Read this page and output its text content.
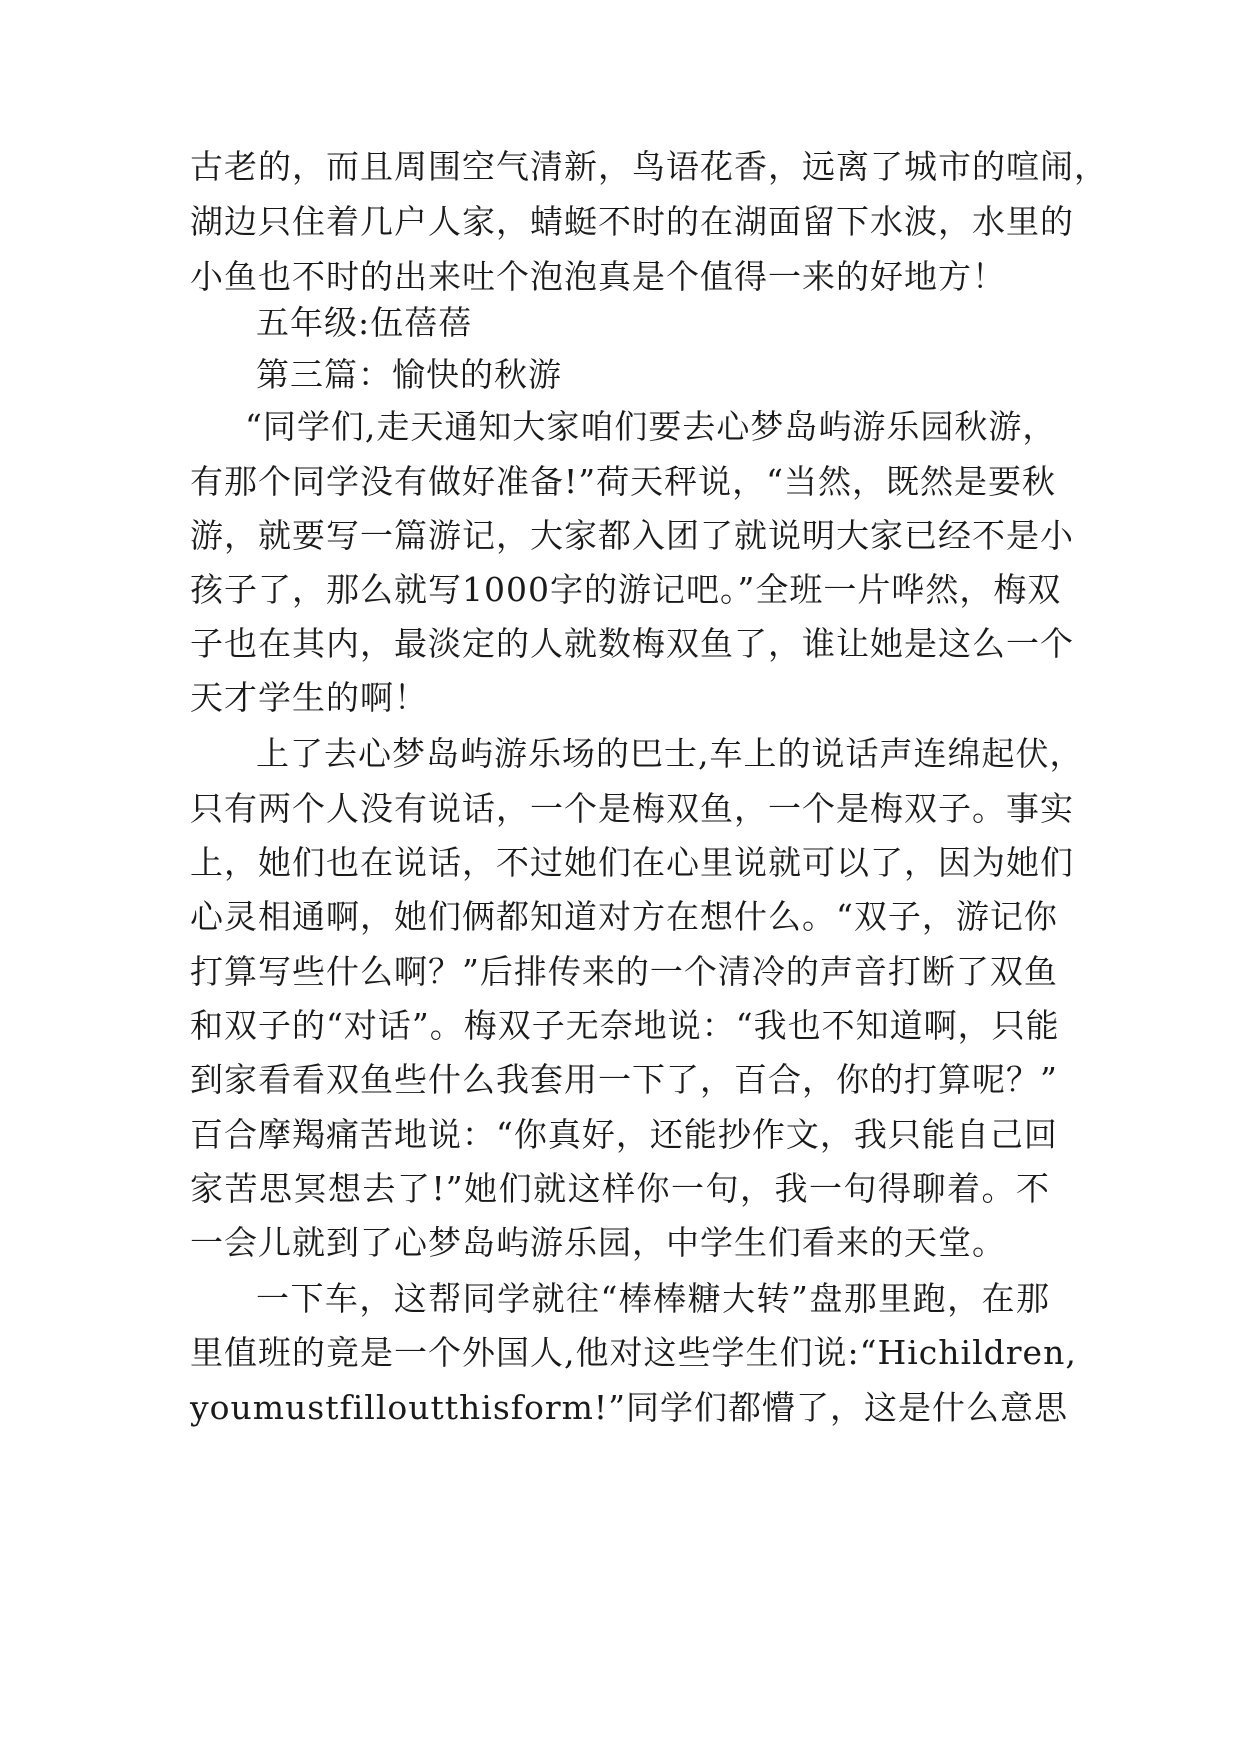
古老的，而且周围空气清新，鸟语花香，远离了城市的喧闹，
湖边只住着几户人家，蜻蜓不时的在湖面留下水波，水里的
小鱼也不时的出来吐个泡泡真是个值得一来的好地方！
五年级:伍蓓蓓
第三篇：愉快的秋游
“同学们,走天通知大家咱们要去心梦岛屿游乐园秋游，
有那个同学没有做好准备!”荷天秤说，“当然，既然是要秋
游，就要写一篇游记，大家都入团了就说明大家已经不是小
孩子了，那么就写1000字的游记吧。”全班一片哗然，梅双
子也在其内，最淡定的人就数梅双鱼了，谁让她是这么一个
天才学生的啊！
上了去心梦岛屿游乐场的巴士,车上的说话声连绵起伏，
只有两个人没有说话，一个是梅双鱼，一个是梅双子。事实
上，她们也在说话，不过她们在心里说就可以了，因为她们
心灵相通啊，她们俩都知道对方在想什么。“双子，游记你
打算写些什么啊？”后排传来的一个清冷的声音打断了双鱼
和双子的“对话”。梅双子无奈地说：“我也不知道啊，只能
到家看看双鱼些什么我套用一下了，百合，你的打算呢？”
百合摩羯痛苦地说：“你真好，还能抄作文，我只能自己回
家苦思冥想去了!”她们就这样你一句，我一句得聊着。不
一会儿就到了心梦岛屿游乐园，中学生们看来的天堂。
一下车，这帮同学就往“棒棒糖大转”盘那里跑，在那
里值班的竟是一个外国人,他对这些学生们说:“Hichildren,
youmustfilloutthisform!”同学们都懵了，这是什么意思
